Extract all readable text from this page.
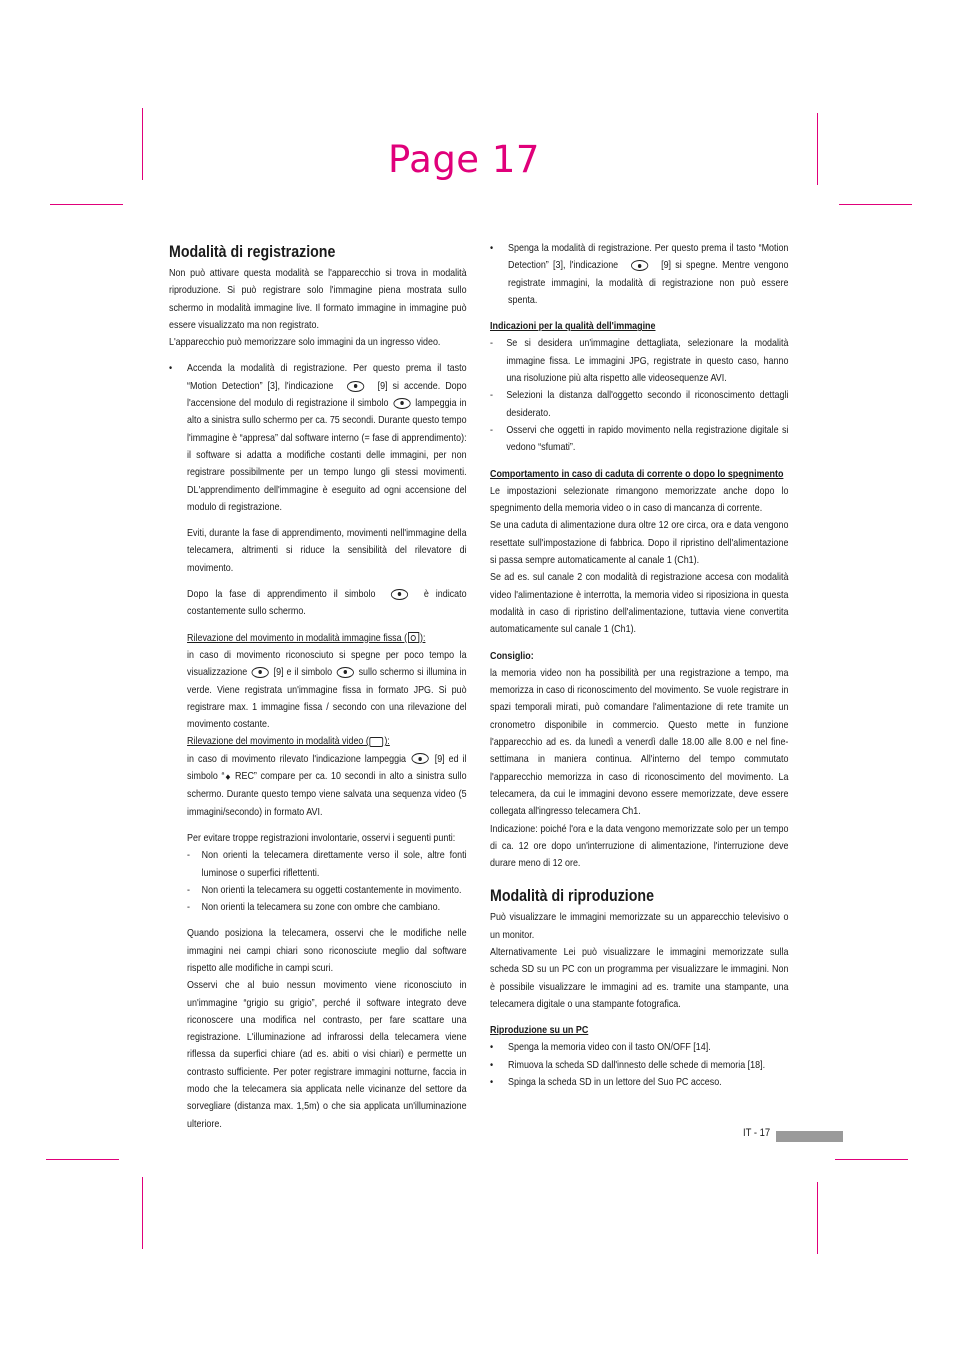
Page 17
Modalità di registrazione

Non può attivare questa modalità se l'apparecchio si trova in modalità riproduzione. Si può registrare solo l'immagine piena mostrata sullo schermo in modalità immagine live. Il formato immagine in immagine può essere visualizzato ma non registrato.

L'apparecchio può memorizzare solo immagini da un ingresso video.

• Accenda la modalità di registrazione. Per questo prema il tasto “Motion Detection” [3], l'indicazione	[9] si accende. Dopo l'accensione del modulo di registrazione il simbolo	lampeggia in alto a sinistra sullo schermo per ca. 75 secondi. Durante questo tempo l'immagine è “appresa” dal software interno (= fase di apprendimento): il software si adatta a modifiche costanti delle immagini, per non registrare possibilmente per un tempo lungo gli stessi movimenti. DL'apprendimento dell'immagine è eseguito ad ogni accensione del modulo di registrazione.

Eviti, durante la fase di apprendimento, movimenti nell'immagine della telecamera, altrimenti si riduce la sensibilità del rilevatore di movimento.

Dopo la fase di apprendimento il simbolo	è indicato costantemente sullo schermo.

Rilevazione del movimento in modalità immagine fissa ( ):

in caso di movimento riconosciuto si spegne per poco tempo la visualizzazione	[9] e il simbolo	sullo schermo si illumina in verde. Viene registrata un'immagine fissa in formato JPG. Si può registrare max. 1 immagine fissa / secondo con una rilevazione del movimento costante.

Rilevazione del movimento in modalità video ( ):

in caso di movimento rilevato l'indicazione lampeggia	[9] ed il simbolo “◆ REC” compare per ca. 10 secondi in alto a sinistra sullo schermo. Durante questo tempo viene salvata una sequenza video (5 immagini/secondo) in formato AVI.

Per evitare troppe registrazioni involontarie, osservi i seguenti punti:

- Non orienti la telecamera direttamente verso il sole, altre fonti luminose o superfici riflettenti.
- Non orienti la telecamera su oggetti costantemente in movimento.
- Non orienti la telecamera su zone con ombre che cambiano.

Quando posiziona la telecamera, osservi che le modifiche nelle immagini nei campi chiari sono riconosciute meglio dal software rispetto alle modifiche in campi scuri.

Osservi che al buio nessun movimento viene riconosciuto in un'immagine “grigio su grigio”, perché il software integrato deve riconoscere una modifica nel contrasto, per fare scattare una registrazione. L'illuminazione ad infrarossi della telecamera viene riflessa da superfici chiare (ad es. abiti o visi chiari) e permette un contrasto sufficiente. Per poter registrare immagini notturne, faccia in modo che la telecamera sia applicata nelle vicinanze del settore da sorvegliare (distanza max. 1,5m) o che sia applicata un'illuminazione ulteriore.

• Spenga la modalità di registrazione. Per questo prema il tasto “Motion Detection” [3], l'indicazione	[9] si spegne. Mentre vengono registrate immagini, la modalità di registrazione non può essere spenta.

Indicazioni per la qualità dell'immagine

- Se si desidera un'immagine dettagliata, selezionare la modalità immagine fissa. Le immagini JPG, registrate in questo caso, hanno una risoluzione più alta rispetto alle videosequenze AVI.
- Selezioni la distanza dall'oggetto secondo il riconoscimento dettagli desiderato.
- Osservi che oggetti in rapido movimento nella registrazione digitale si vedono “sfumati”.

Comportamento in caso di caduta di corrente o dopo lo spegnimento

Le impostazioni selezionate rimangono memorizzate anche dopo lo spegnimento della memoria video o in caso di mancanza di corrente.

Se una caduta di alimentazione dura oltre 12 ore circa, ora e data vengono resettate sull'impostazione di fabbrica. Dopo il ripristino dell'alimentazione si passa sempre automaticamente al canale 1 (Ch1).

Se ad es. sul canale 2 con modalità di registrazione accesa con modalità video l'alimentazione è interrotta, la memoria video si riposiziona in questa modalità in caso di ripristino dell'alimentazione, tuttavia viene convertita automaticamente sul canale 1 (Ch1).

Consiglio:

la memoria video non ha possibilità per una registrazione a tempo, ma memorizza in caso di riconoscimento del movimento. Se vuole registrare in spazi temporali mirati, può comandare l'alimentazione di rete tramite un cronometro disponibile in commercio. Questo mette in funzione l'apparecchio ad es. da lunedì a venerdì dalle 18.00 alle 8.00 e nel fine-settimana in maniera continua. All'interno del tempo commutato l'apparecchio memorizza in caso di riconoscimento del movimento. La telecamera, da cui le immagini devono essere memorizzate, deve essere collegata all'ingresso telecamera Ch1.

Indicazione: poiché l'ora e la data vengono memorizzate solo per un tempo di ca. 12 ore dopo un'interruzione di alimentazione, l'interruzione deve durare meno di 12 ore.

Modalità di riproduzione

Può visualizzare le immagini memorizzate su un apparecchio televisivo o un monitor.

Alternativamente Lei può visualizzare le immagini memorizzate sulla scheda SD su un PC con un programma per visualizzare le immagini. Non è possibile visualizzare le immagini ad es. tramite una stampante, una telecamera digitale o una stampante fotografica.

Riproduzione su un PC

• Spenga la memoria video con il tasto ON/OFF [14].
• Rimuova la scheda SD dall'innesto delle schede di memoria [18].
• Spinga la scheda SD in un lettore del Suo PC acceso.
IT - 17
